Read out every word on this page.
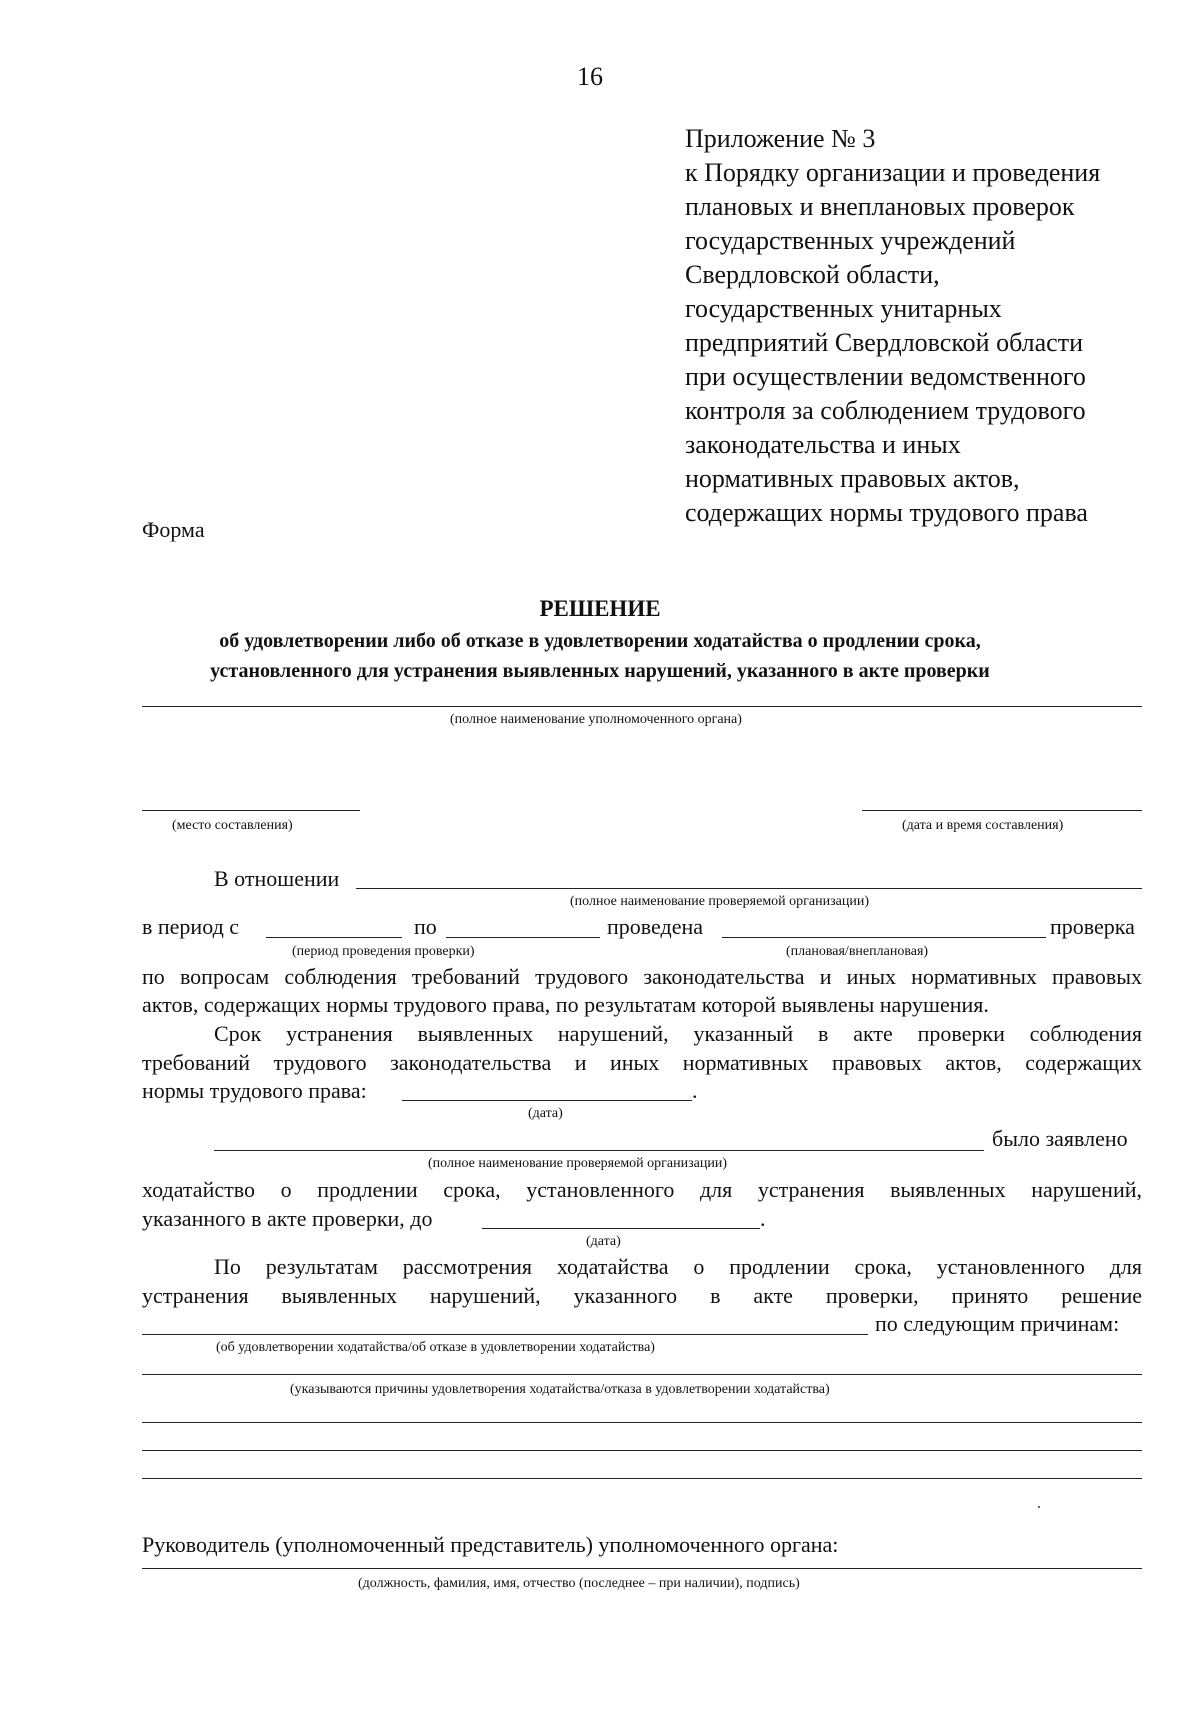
16
Приложение № 3
к Порядку организации и проведения
плановых и внеплановых проверок
государственных учреждений
Свердловской области,
государственных унитарных
предприятий Свердловской области
при осуществлении ведомственного
контроля за соблюдением трудового
законодательства и иных
нормативных правовых актов,
содержащих нормы трудового права
Форма
РЕШЕНИЕ
об удовлетворении либо об отказе в удовлетворении ходатайства о продлении срока,
установленного для устранения выявленных нарушений, указанного в акте проверки
(полное наименование уполномоченного органа)
(место составления)	(дата и время составления)
В отношении
(полное наименование проверяемой организации)
в период с	по	проведена	проверка
(период проведения проверки)	(плановая/внеплановая)
по вопросам соблюдения требований трудового законодательства и иных нормативных правовых
актов, содержащих нормы трудового права, по результатам которой выявлены нарушения.
Срок устранения выявленных нарушений, указанный в акте проверки соблюдения
требований трудового законодательства и иных нормативных правовых актов, содержащих
нормы трудового права:	.
(дата)
было заявлено
(полное наименование проверяемой организации)
ходатайство о продлении срока, установленного для устранения выявленных нарушений,
указанного в акте проверки, до	.
(дата)
По результатам рассмотрения ходатайства о продлении срока, установленного для
устранения выявленных нарушений, указанного в акте проверки, принято решение
по следующим причинам:
(об удовлетворении ходатайства/об отказе в удовлетворении ходатайства)
(указываются причины удовлетворения ходатайства/отказа в удовлетворении ходатайства)
Руководитель (уполномоченный представитель) уполномоченного органа:
(должность, фамилия, имя, отчество (последнее – при наличии), подпись)
